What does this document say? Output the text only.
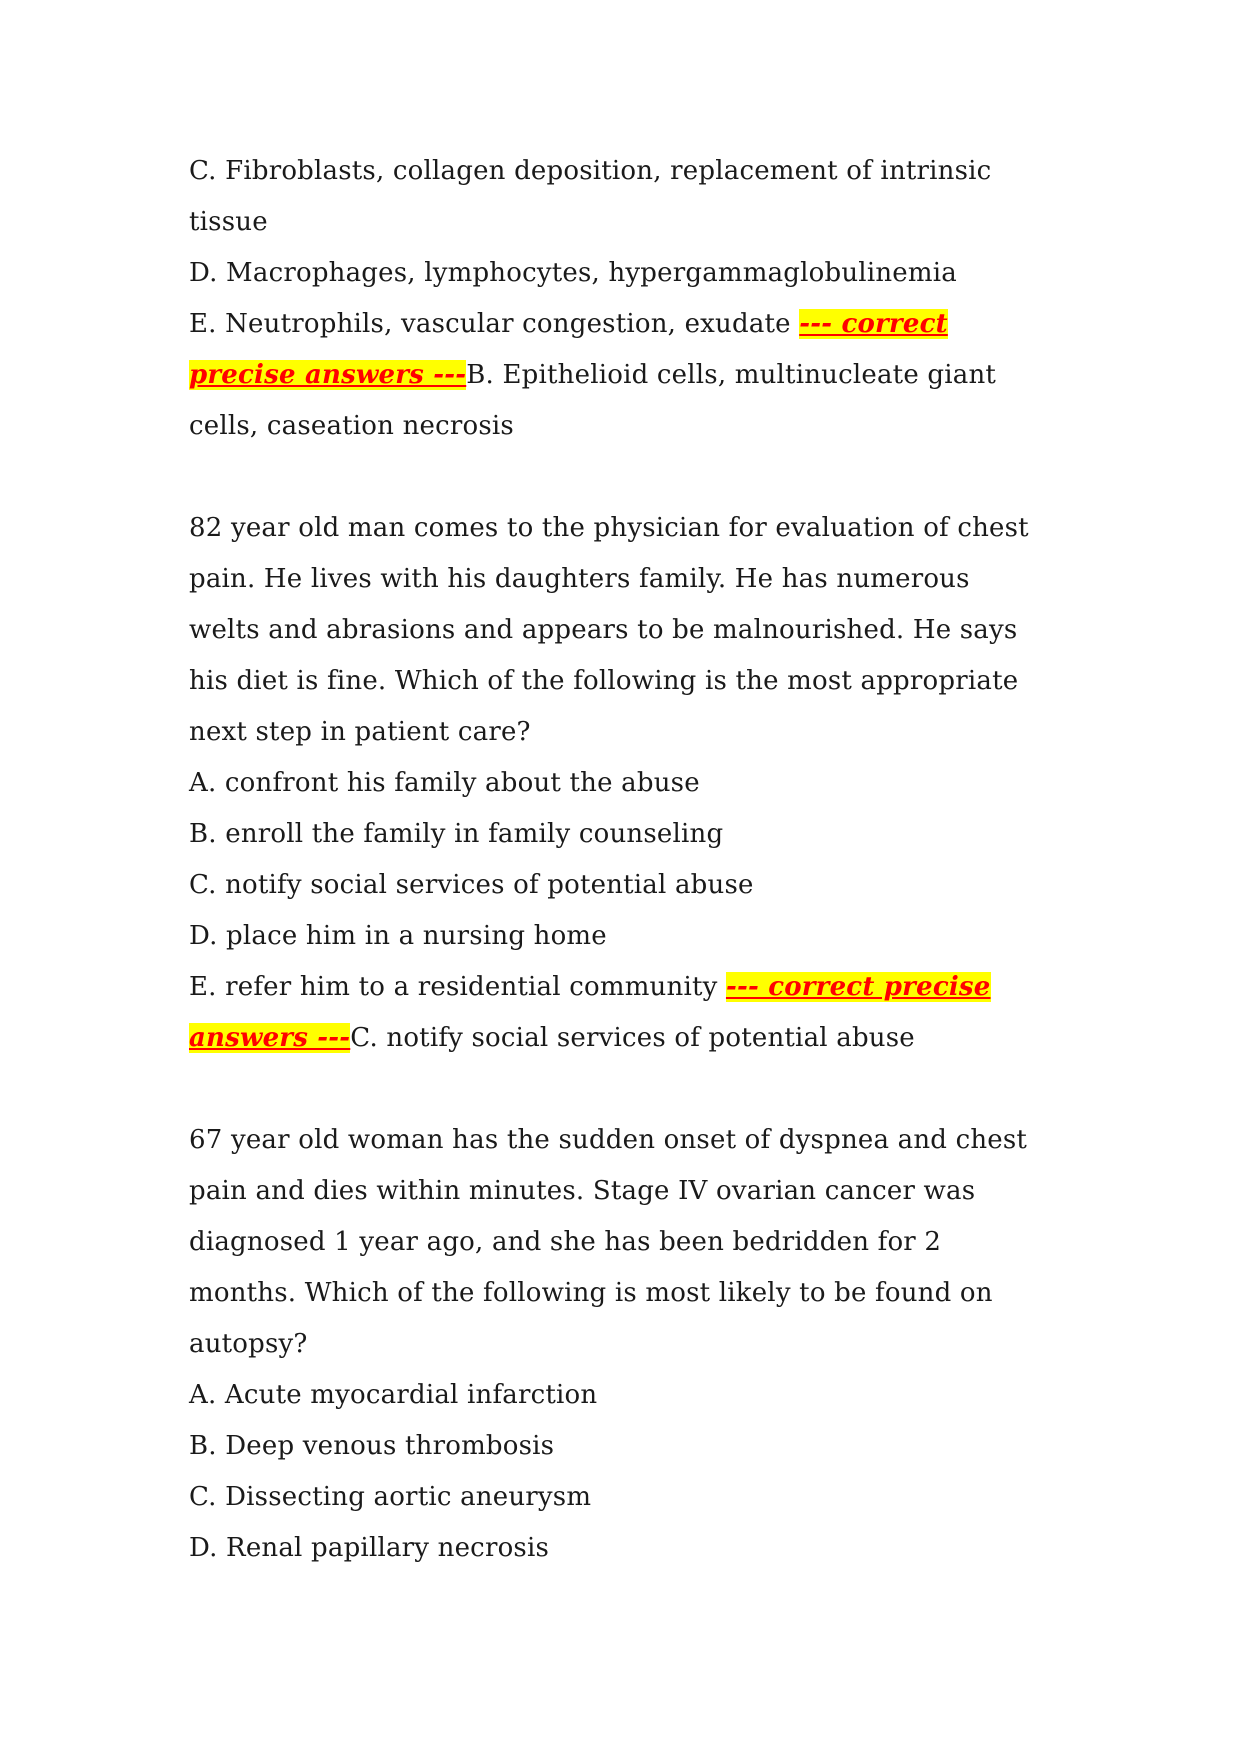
C. Fibroblasts, collagen deposition, replacement of intrinsic
tissue
D. Macrophages, lymphocytes, hypergammaglobulinemia
E. Neutrophils, vascular congestion, exudate --- correct
precise answers ---B. Epithelioid cells, multinucleate giant
cells, caseation necrosis
82 year old man comes to the physician for evaluation of chest
pain. He lives with his daughters family. He has numerous
welts and abrasions and appears to be malnourished. He says
his diet is fine. Which of the following is the most appropriate
next step in patient care?
A. confront his family about the abuse
B. enroll the family in family counseling
C. notify social services of potential abuse
D. place him in a nursing home
E. refer him to a residential community --- correct precise
answers ---C. notify social services of potential abuse
67 year old woman has the sudden onset of dyspnea and chest
pain and dies within minutes. Stage IV ovarian cancer was
diagnosed 1 year ago, and she has been bedridden for 2
months. Which of the following is most likely to be found on
autopsy?
A. Acute myocardial infarction
B. Deep venous thrombosis
C. Dissecting aortic aneurysm
D. Renal papillary necrosis
